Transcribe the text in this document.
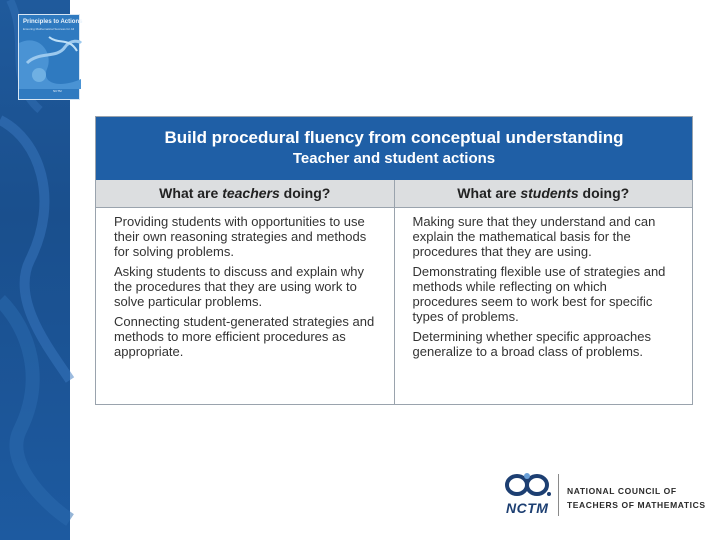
Principles to Actions
Ensuring Mathematical Success for All
NCTM
Build procedural fluency from conceptual understanding
Teacher and student actions
What are teachers doing?	What are students doing?

Providing students with opportunities to use their own reasoning strategies and methods for solving problems.

Asking students to discuss and explain why the procedures that they are using work to solve particular problems.

Connecting student-generated strategies and methods to more efficient procedures as appropriate.

Making sure that they understand and can explain the mathematical basis for the procedures that they are using.

Demonstrating flexible use of strategies and methods while reflecting on which procedures seem to work best for specific types of problems.

Determining whether specific approaches generalize to a broad class of problems.

NCTM
NATIONAL COUNCIL OF
TEACHERS OF MATHEMATICS
